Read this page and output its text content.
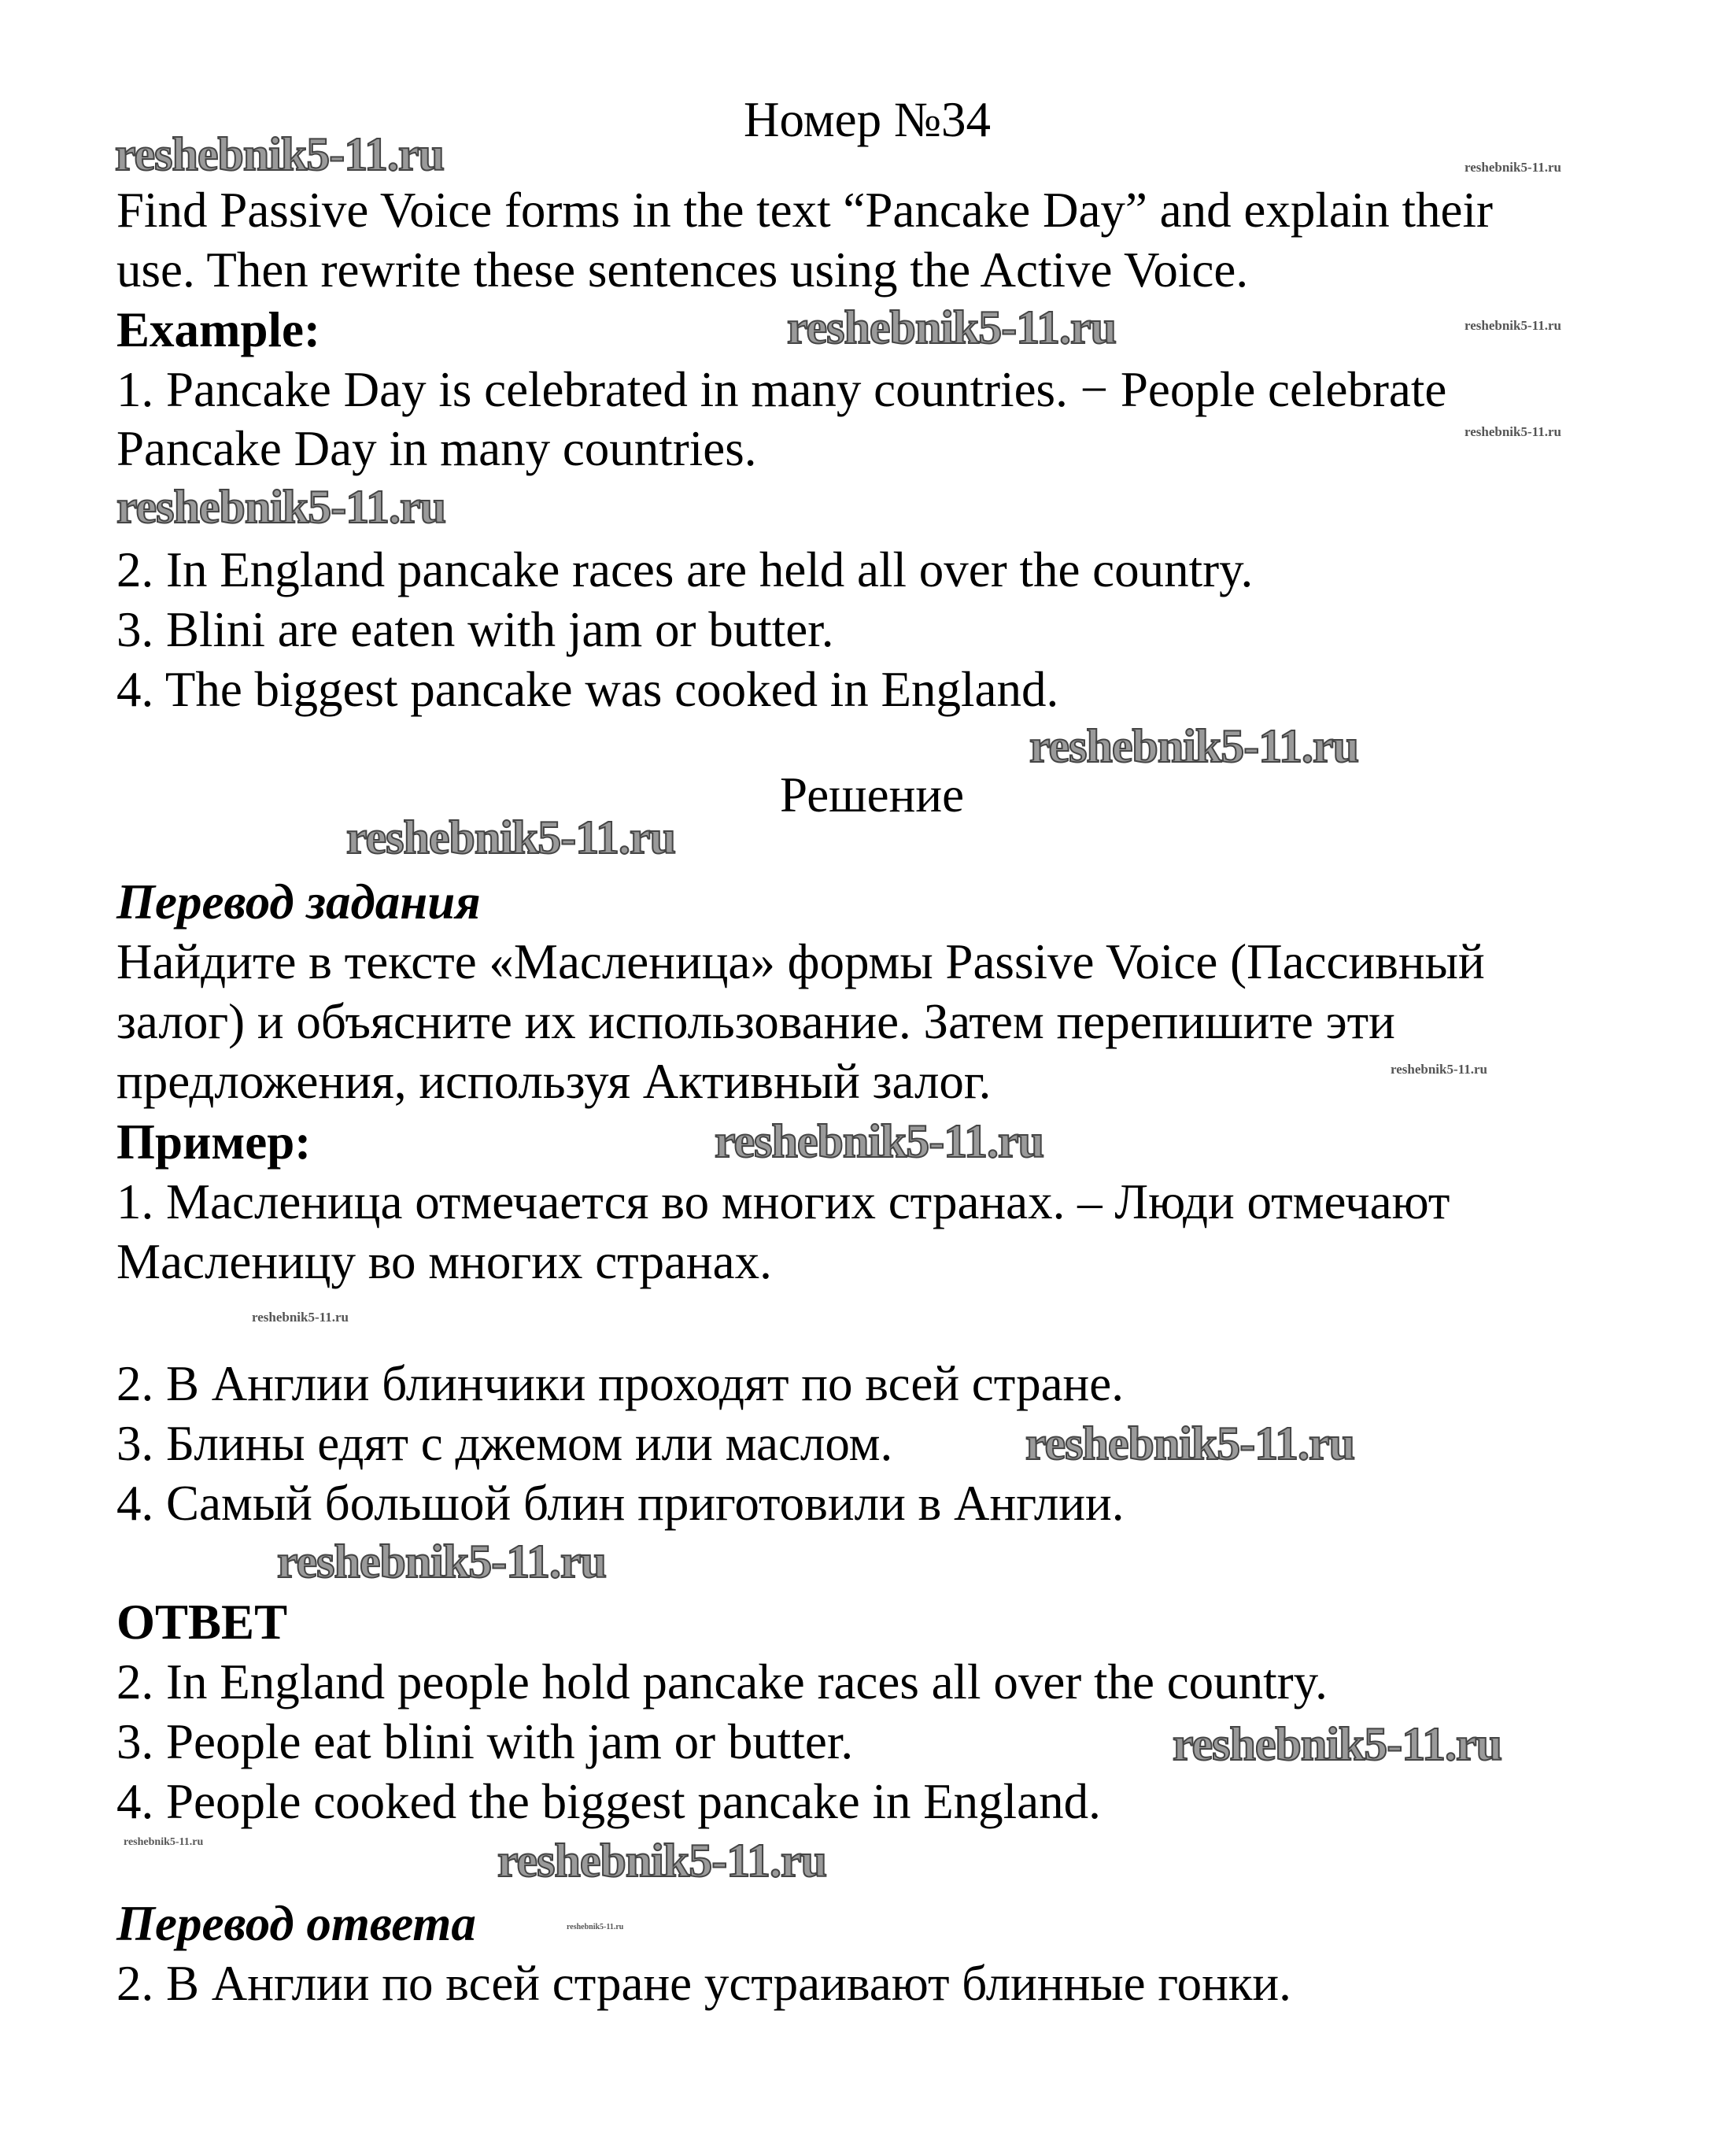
Номер №34
Find Passive Voice forms in the text “Pancake Day” and explain their
use. Then rewrite these sentences using the Active Voice.
Example:
1. Pancake Day is celebrated in many countries. − People celebrate
Pancake Day in many countries.
2. In England pancake races are held all over the country.
3. Blini are eaten with jam or butter.
4. The biggest pancake was cooked in England.
Решение
Перевод задания
Найдите в тексте «Масленица» формы Passive Voice (Пассивный
залог) и объясните их использование. Затем перепишите эти
предложения, используя Активный залог.
Пример:
1. Масленица отмечается во многих странах. – Люди отмечают
Масленицу во многих странах.
2. В Англии блинчики проходят по всей стране.
3. Блины едят с джемом или маслом.
4. Самый большой блин приготовили в Англии.
ОТВЕТ
2. In England people hold pancake races all over the country.
3. People eat blini with jam or butter.
4. People cooked the biggest pancake in England.
Перевод ответа
2. В Англии по всей стране устраивают блинные гонки.
reshebnik5-11.ru
reshebnik5-11.ru
reshebnik5-11.ru
reshebnik5-11.ru
reshebnik5-11.ru
reshebnik5-11.ru
reshebnik5-11.ru
reshebnik5-11.ru
reshebnik5-11.ru
reshebnik5-11.ru
reshebnik5-11.ru
reshebnik5-11.ru
reshebnik5-11.ru
reshebnik5-11.ru
reshebnik5-11.ru
reshebnik5-11.ru
reshebnik5-11.ru
